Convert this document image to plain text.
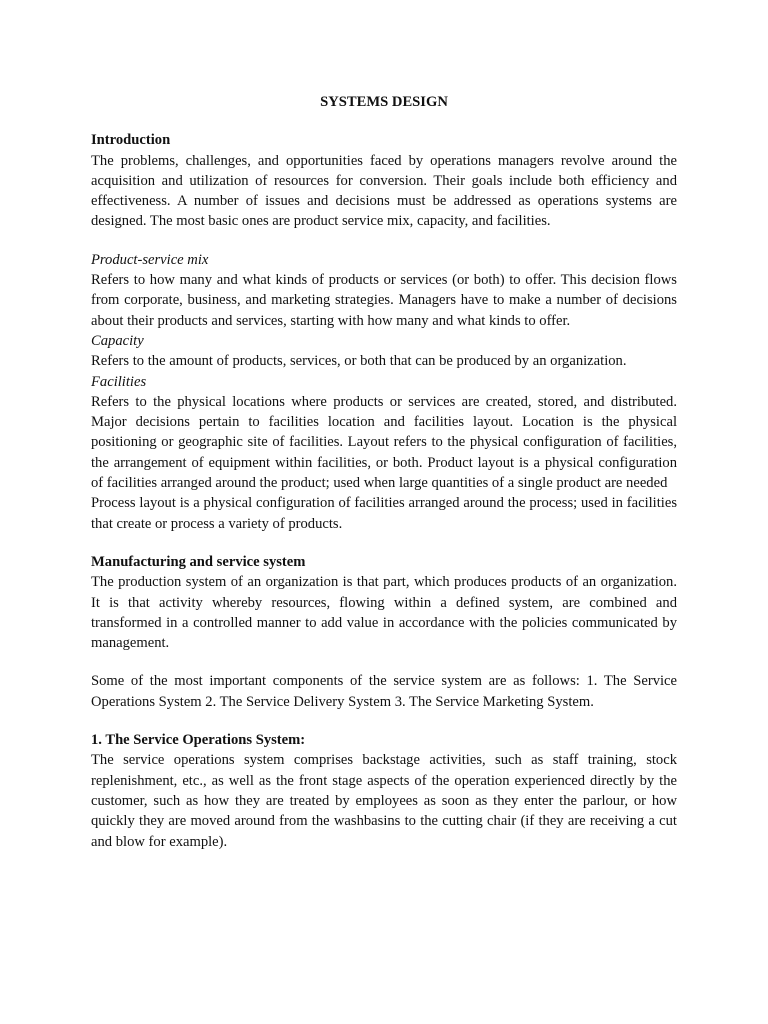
SYSTEMS DESIGN
Introduction

The problems, challenges, and opportunities faced by operations managers revolve around the acquisition and utilization of resources for conversion. Their goals include both efficiency and effectiveness. A number of issues and decisions must be addressed as operations systems are designed. The most basic ones are product service mix, capacity, and facilities.

Product-service mix

Refers to how many and what kinds of products or services (or both) to offer. This decision flows from corporate, business, and marketing strategies. Managers have to make a number of decisions about their products and services, starting with how many and what kinds to offer.

Capacity

Refers to the amount of products, services, or both that can be produced by an organization.

Facilities

Refers to the physical locations where products or services are created, stored, and distributed. Major decisions pertain to facilities location and facilities layout. Location is the physical positioning or geographic site of facilities. Layout refers to the physical configuration of facilities, the arrangement of equipment within facilities, or both. Product layout is a physical configuration of facilities arranged around the product; used when large quantities of a single product are needed

Process layout is a physical configuration of facilities arranged around the process; used in facilities that create or process a variety of products.

Manufacturing and service system

The production system of an organization is that part, which produces products of an organization. It is that activity whereby resources, flowing within a defined system, are combined and transformed in a controlled manner to add value in accordance with the policies communicated by management.

Some of the most important components of the service system are as follows: 1. The Service Operations System 2. The Service Delivery System 3. The Service Marketing System.

1. The Service Operations System:

The service operations system comprises backstage activities, such as staff training, stock replenishment, etc., as well as the front stage aspects of the operation experienced directly by the customer, such as how they are treated by employees as soon as they enter the parlour, or how quickly they are moved around from the washbasins to the cutting chair (if they are receiving a cut and blow for example).
